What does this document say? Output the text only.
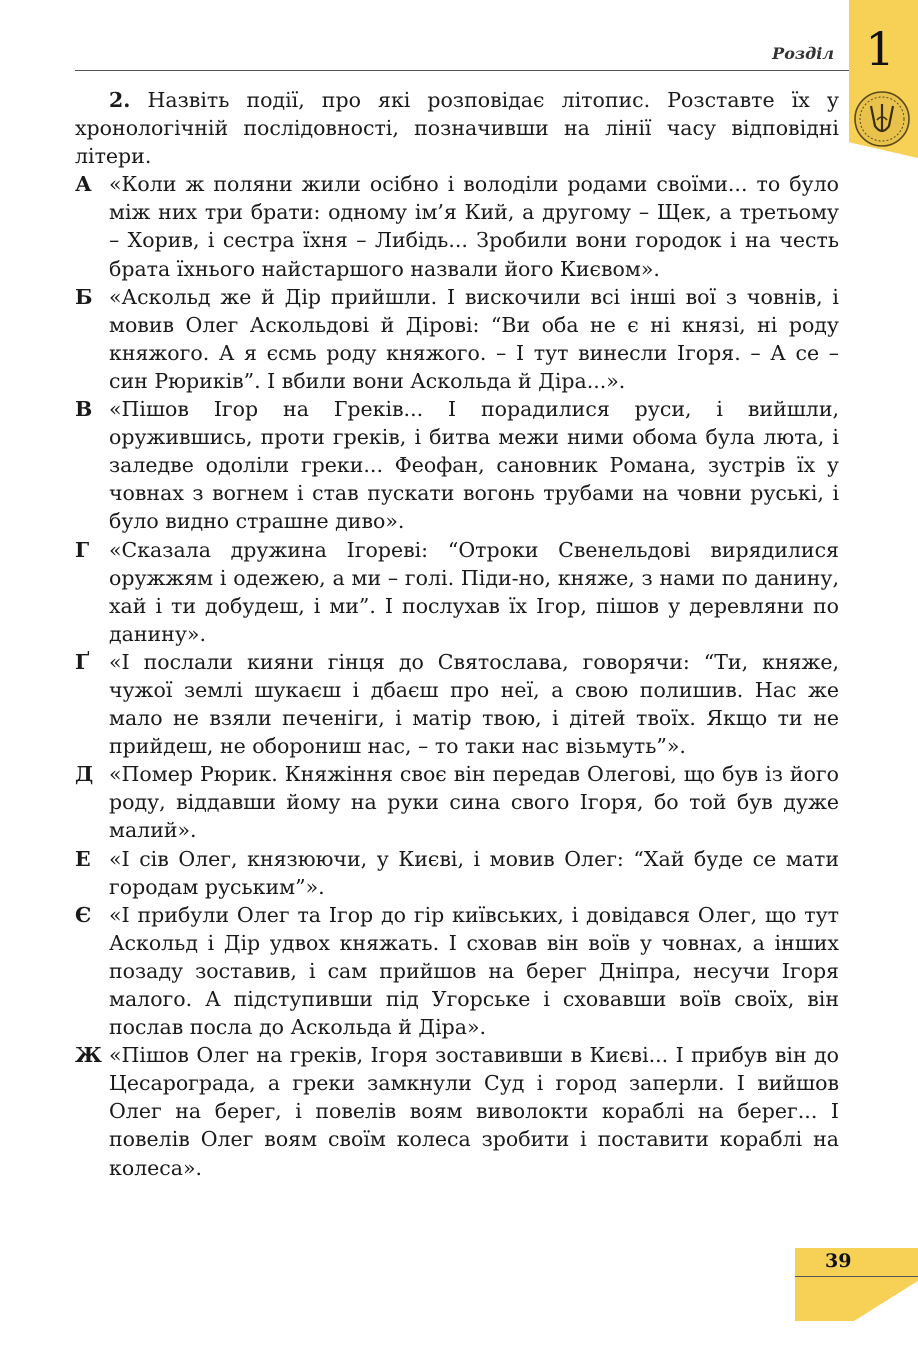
1
Розділ

2. Назвіть події, про які розповідає літопис. Розставте їх у хронологічній послідовності, позначивши на лінії часу відповідні літери.

А «Коли ж поляни жили осібно і володіли родами своїми... то було між них три брати: одному ім’я Кий, а другому – Щек, а третьому – Хорив, і сестра їхня – Либідь... Зробили вони городок і на честь брата їхнього найстаршого назвали його Києвом».

Б «Аскольд же й Дір прийшли. І вискочили всі інші вої з човнів, і мовив Олег Аскольдові й Дірові: “Ви оба не є ні князі, ні роду княжого. А я єсмь роду княжого. – І тут винесли Ігоря. – А се – син Рюриків”. І вбили вони Аскольда й Діра...».

В «Пішов Ігор на Греків... І порадилися руси, і вийшли, оружившись, проти греків, і битва межи ними обома була люта, і заледве одоліли греки... Феофан, сановник Романа, зустрів їх у човнах з вогнем і став пускати вогонь трубами на човни руські, і було видно страшне диво».

Г «Сказала дружина Ігореві: “Отроки Свенельдові вирядилися оружжям і одежею, а ми – голі. Піди-но, княже, з нами по данину, хай і ти добудеш, і ми”. І послухав їх Ігор, пішов у деревляни по данину».

Ґ «І послали кияни гінця до Святослава, говорячи: “Ти, княже, чужої землі шукаєш і дбаєш про неї, а свою полишив. Нас же мало не взяли печеніги, і матір твою, і дітей твоїх. Якщо ти не прийдеш, не оборониш нас, – то таки нас візьмуть”».

Д «Помер Рюрик. Княжіння своє він передав Олегові, що був із його роду, віддавши йому на руки сина свого Ігоря, бо той був дуже малий».

Е «І сів Олег, князюючи, у Києві, і мовив Олег: “Хай буде се мати городам руським”».

Є «І прибули Олег та Ігор до гір київських, і довідався Олег, що тут Аскольд і Дір удвох княжать. І сховав він воїв у човнах, а інших позаду зоставив, і сам прийшов на берег Дніпра, несучи Ігоря малого. А підступивши під Угорське і сховавши воїв своїх, він послав посла до Аскольда й Діра».

Ж «Пішов Олег на греків, Ігоря зоставивши в Києві... І прибув він до Цесарограда, а греки замкнули Суд і город заперли. І вийшов Олег на берег, і повелів воям виволокти кораблі на берег... І повелів Олег воям своїм колеса зробити і поставити кораблі на колеса».

39
